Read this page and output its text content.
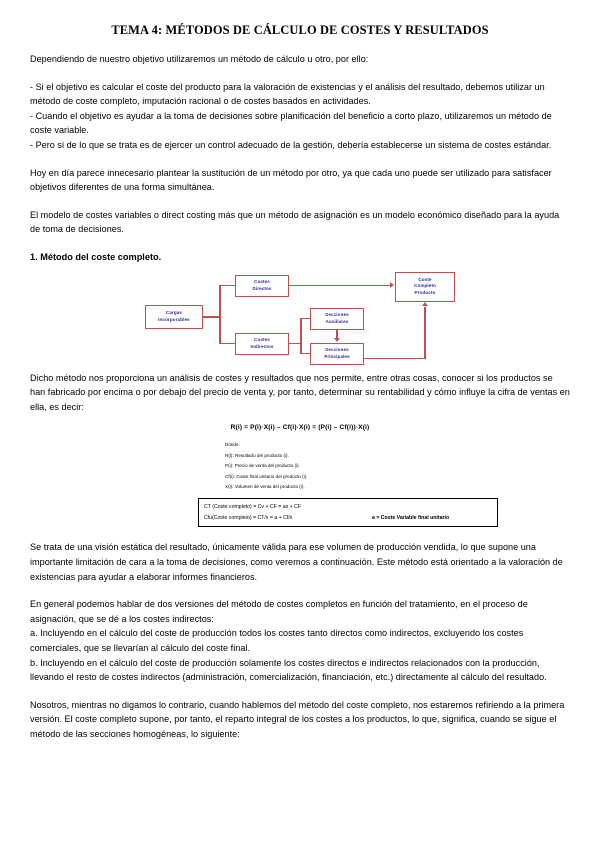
TEMA 4: MÉTODOS DE CÁLCULO DE COSTES Y RESULTADOS

Dependiendo de nuestro objetivo utilizaremos un método de cálculo u otro, por ello:

- Si el objetivo es calcular el coste del producto para la valoración de existencias y el análisis del resultado, debemos utilizar un método de coste completo, imputación racional o de costes basados en actividades.

- Cuando el objetivo es ayudar a la toma de decisiones sobre planificación del beneficio a corto plazo, utilizaremos un método de coste variable.

- Pero si de lo que se trata es de ejercer un control adecuado de la gestión, debería establecerse un sistema de costes estándar.

Hoy en día parece innecesario plantear la sustitución de un método por otro, ya que cada uno puede ser utilizado para satisfacer objetivos diferentes de una forma simultánea.

El modelo de costes variables o direct costing más que un método de asignación es un modelo económico diseñado para la ayuda de toma de decisiones.

1. Método del coste completo.

Cargas
Incorporables
Costes
Directos
Costes
Indirectos
Secciones
Auxiliares
Secciones
Principales
Coste
Completo
Producto

Dicho método nos proporciona un análisis de costes y resultados que nos permite, entre otras cosas, conocer si los productos se han fabricado por encima o por debajo del precio de venta y, por tanto, determinar su rentabilidad y cómo influye la cifra de ventas en ella, es decir:

R(i) = P(i)·X(i) – Cf(i)·X(i) = (P(i) – Cf(i))·X(i)
Donde:
R(i): Resultado del producto (i).
P(i): Precio de venta del producto (i).
Cf(i): Coste final unitario del producto (i).
X(i): Volumen de venta del producto (i).
CT (Coste completo) = Cv + CF = ax + CF
Cfu(Coste completo) = CT/x = a + Cf/x	a = Coste Variable final unitario

Se trata de una visión estática del resultado, únicamente válida para ese volumen de producción vendida, lo que supone una importante limitación de cara a la toma de decisiones, como veremos a continuación. Este método está orientado a la valoración de existencias para ayudar a elaborar informes financieros.

En general podemos hablar de dos versiones del método de costes completos en función del tratamiento, en el proceso de asignación, que se dé a los costes indirectos:

a. Incluyendo en el cálculo del coste de producción todos los costes tanto directos como indirectos, excluyendo los costes comerciales, que se llevarían al cálculo del coste final.

b. Incluyendo en el cálculo del coste de producción solamente los costes directos e indirectos relacionados con la producción, llevando el resto de costes indirectos (administración, comercialización, financiación, etc.) directamente al cálculo del resultado.

Nosotros, mientras no digamos lo contrario, cuando hablemos del método del coste completo, nos estaremos refiriendo a la primera versión. El coste completo supone, por tanto, el reparto integral de los costes a los productos, lo que, significa, cuando se sigue el método de las secciones homogéneas, lo siguiente:
